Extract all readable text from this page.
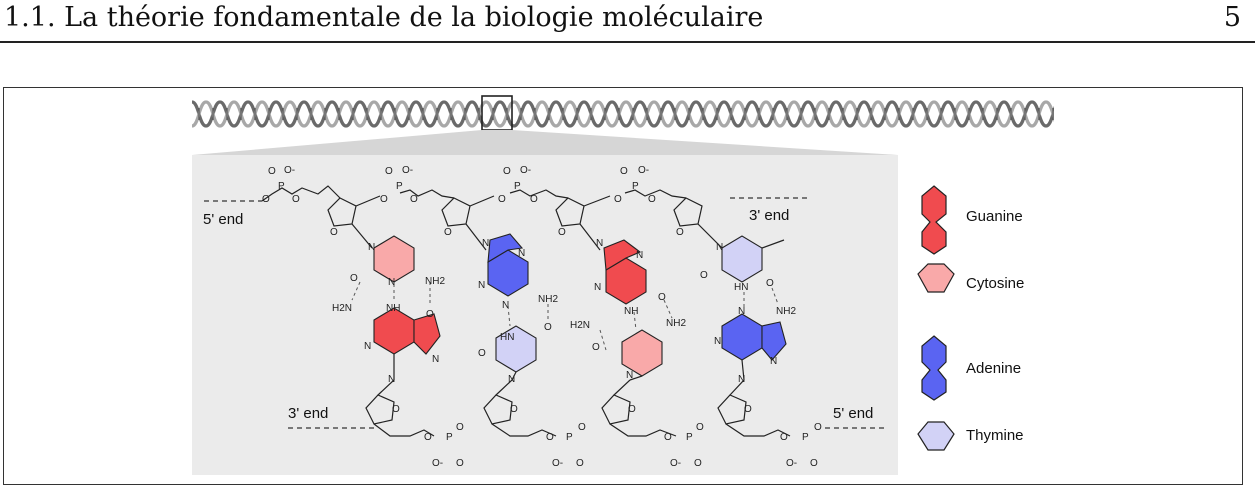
1.1. La théorie fondamentale de la biologie moléculaire	5
5' end	3' end
3' end	5' end
O O-
P
O O
O O-
P
O O
O O-
P
O O
O O-
P
O	O
O	O	O	O
O P
O
O- O
O P
O
O- O
O P
O
O- O
O P
O
O- O
O	O	O	O
N
O	N	NH2
H2N	NH
O
N
N
N
N
N
N
N
NH2
HN
O
O
N
N
N
N
O
H2N
NH
NH2
O
N
N
O
HN O
N	NH2
N
N
N
Guanine
Cytosine
Adenine
Thymine
